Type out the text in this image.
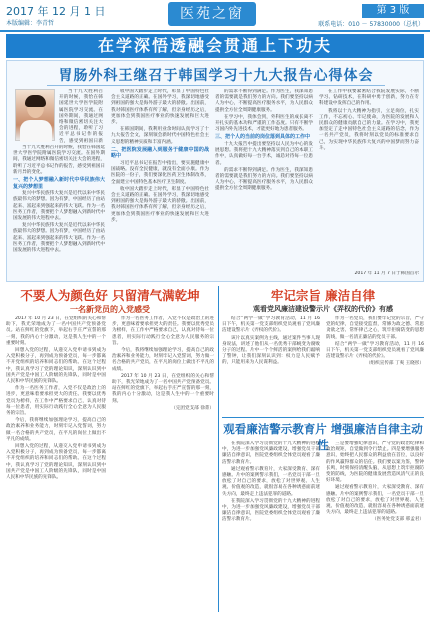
2017 年 12 月 1 日
本版编辑：李青哲
医苑之窗	第 3 版
联系电话：010 － 57830000（总机）
在学深悟透融会贯通上下功夫
胃肠外科王继召于韩国学习十九大报告心得体会

当十九大胜利召开的时候，我恰在韩国延世大学医学院附属医院学习交流。在国外期间，我通过网络和微信密切关注大会的进程，聆听了习近平总书记作的报告，感受到祖国日新

当十九大胜利召开的时候，我恰在韩国延世大学医学院附属医院学习交流。在国外期间，我通过网络和微信密切关注大会的进程，聆听了习近平总书记作的报告，感受到祖国日新月异的变化。

一、把个人梦想融入新时代中华民族伟大复兴的梦想里

复兴中华民族伟大复兴是近代以来中华民族最伟大的梦想。因为有梦，中国经历了由站起来、富起来到强起来的伟大飞跃。作为一名医务工作者，我要把个人梦想融入到新时代中国发展的伟大进程中去。

复兴中华民族伟大复兴是近代以来中华民族最伟大的梦想。因为有梦，中国经历了由站起来、富起来到强起来的伟大飞跃。作为一名医务工作者，我要把个人梦想融入到新时代中国发展的伟大进程中去。

收中国大踏步走上时代，彰显了中国特色社会主义道路的正确。在国外学习，我深切地感受到祖国的强大是海外游子最大的骄傲。出国前，我对韩国医疗体系有所了解，但亲身经历之后，更加体会到我国医疗事业的快速发展和巨大进步。

在韩国期间，我利用业余时间认真学习了十九大报告全文，深刻领会新时代中国特色社会主义思想的精神实质和丰富内涵。

二、把医院发展融入到服务于健康中国的战略中

习近平总书记在报告中指出，要实施健康中国战略。没有全民健康，就没有全面小康。作为医院的一份子，我们要深化医药卫生体制改革，全面建立中国特色基本医疗卫生制度。

收中国大踏步走上时代，彰显了中国特色社会主义道路的正确。在国外学习，我深切地感受到祖国的强大是海外游子最大的骄傲。出国前，我对韩国医疗体系有所了解，但亲身经历之后，更加体会到我国医疗事业的快速发展和巨大进步。

的需求不断得到满足。作为医生，我深知患者的需要就是我们努力的方向。我们要坚持以病人为中心，不断提高医疗服务水平，为人民群众提供全方位全周期健康服务。

在学习中，我体会到，外科医生的成长离不开扎实的基本功和严谨的工作态度。只有不断学习国内外先进技术，才能更好地为患者服务。

三、把个人的当前的岗位落到具体的工作中

十九大报告中提出要坚持以人民为中心的发展思想。我将把十九大精神落实到自己的本职工作中，认真做好每一台手术，诚恳对待每一位患者。

的需求不断得到满足。作为医生，我深知患者的需要就是我们努力的方向。我们要坚持以病人为中心，不断提高医疗服务水平，为人民群众提供全方位全周期健康服务。

在工作中我要紧密结合我院发展实际，不断学习、钻研技术，在科研中勇于创新，努力在专科建设中发挥自己的作用。

我将以十九大精神为指引，立足岗位，扎实工作，不忘初心、牢记使命，为医院的发展和人民群众的健康贡献自己的力量。在学习中，我更加坚定了走中国特色社会主义道路的信念，作为一名共产党员，我将时刻以党员的标准要求自己，为实现中华民族伟大复兴的中国梦而努力奋斗。

2017 年 11 月 7 日于韩国首尔
不要人为颜色好 只留清气满乾坤
一名新党员的入党感受

2017 年 10 月 23 日，在党组织的关心和帮助下，我光荣地成为了一名中国共产党预备党员。站在鲜红的党旗下，举起右手庄严宣誓的那一刻，我的内心十分激动，这是我人生中的一个重要时刻。

回想入党的过程，从递交入党申请书到成为入党积极分子，再到成为预备党员，每一步都离不开党组织的培养和同志们的帮助。在这个过程中，我认真学习了党的理论知识，深刻认识到中国共产党是中国工人阶级的先锋队，同时是中国人民和中华民族的先锋队。

作为一名医务工作者，入党不仅是政治上的进步，更意味着要承担更大的责任。我要以优秀党员为榜样，在工作中严格要求自己，认真对待每一位患者，用实际行动践行全心全意为人民服务的宗旨。

今后，我将继续加强理论学习，提高自己的政治素养和业务能力，时刻牢记入党誓词，努力做一名合格的共产党员，在平凡的岗位上做出不平凡的成绩。

回想入党的过程，从递交入党申请书到成为入党积极分子，再到成为预备党员，每一步都离不开党组织的培养和同志们的帮助。在这个过程中，我认真学习了党的理论知识，深刻认识到中国共产党是中国工人阶级的先锋队，同时是中国人民和中华民族的先锋队。

作为一名医务工作者，入党不仅是政治上的进步，更意味着要承担更大的责任。我要以优秀党员为榜样，在工作中严格要求自己，认真对待每一位患者，用实际行动践行全心全意为人民服务的宗旨。

今后，我将继续加强理论学习，提高自己的政治素养和业务能力，时刻牢记入党誓词，努力做一名合格的共产党员，在平凡的岗位上做出不平凡的成绩。

2017 年 10 月 23 日，在党组织的关心和帮助下，我光荣地成为了一名中国共产党预备党员。站在鲜红的党旗下，举起右手庄严宣誓的那一刻，我的内心十分激动，这是我人生中的一个重要时刻。

（完团党支部 徐菁）
牢记宗旨 廉洁自律
观看党风廉洁建设警示片《弄权的代价》有感

结合“两学一做”学习教育活动，11 月 16 日下午，机关第一党支部组织党员观看了党风廉洁建设警示片《弄权的代价》。

该片以真实案例为主线，通过案件当事人现身说法，讲述了他们从一名优秀干部蜕变为腐败分子的过程。片中一个个鲜活的案例给我们敲响了警钟，让我们深刻认识到：权力是人民赋予的，只能用来为人民谋利益。

作为一名党员，我们要牢记党的宗旨，严守党的纪律，自觉接受监督，常修为政之德、常思贪欲之害、常怀律己之心，筑牢拒腐防变的思想防线，做一名清正廉洁的党员干部。

结合“两学一做”学习教育活动，11 月 16 日下午，机关第一党支部组织党员观看了党风廉洁建设警示片《弄权的代价》。

（组织宣传部 丁爽 王晓彤）
观看廉洁警示教育片 增强廉洁自律主动性

在我院深入学习贯彻党的十九大精神的进程中，为进一步加强党风廉政建设，增强党员干部廉洁自律意识，医院党委组织全体党员观看了廉洁警示教育片。

通过观看警示教育片，大家深受教育、深有感触。片中的案例警示我们，一名党员干部一旦放松了对自己的要求，放松了对世界观、人生观、价值观的改造，就很容易在各种诱惑面前迷失方向，最终走上违法犯罪的道路。

在我院深入学习贯彻党的十九大精神的进程中，为进一步加强党风廉政建设，增强党员干部廉洁自律意识，医院党委组织全体党员观看了廉洁警示教育片。

三是要增强纪律意识，严守党的政治纪律和政治规矩，自觉做到令行禁止。四是要增强服务意识，始终把人民群众的利益放在首位，以良好的作风赢得群众的信任。我们要以案为鉴，警钟长鸣，时刻保持清醒头脑，从思想上筑牢拒腐防变的防线，为医院的健康发展营造风清气正的良好环境。

通过观看警示教育片，大家深受教育、深有感触。片中的案例警示我们，一名党员干部一旦放松了对自己的要求，放松了对世界观、人生观、价值观的改造，就很容易在各种诱惑面前迷失方向，最终走上违法犯罪的道路。

（医务处党支部 邢孟君）
